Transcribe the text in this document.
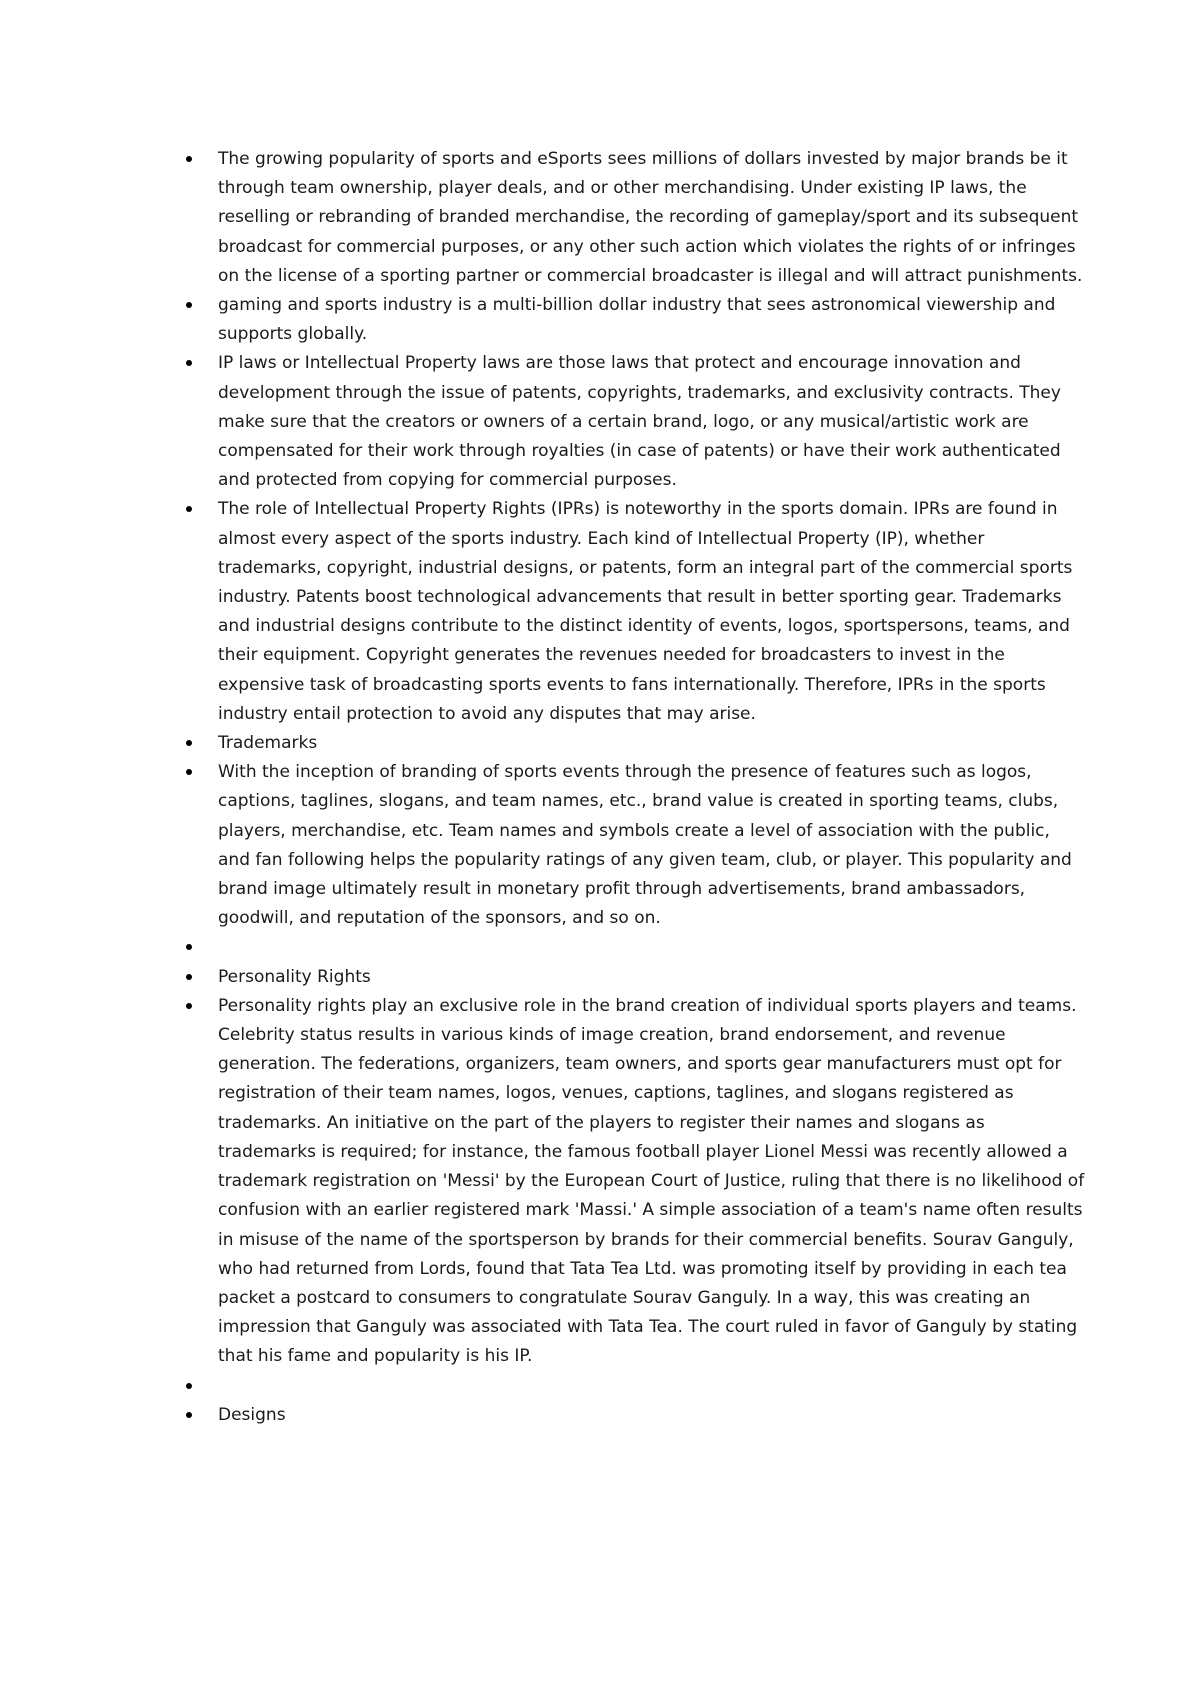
The growing popularity of sports and eSports sees millions of dollars invested by major brands be it through team ownership, player deals, and or other merchandising. Under existing IP laws, the reselling or rebranding of branded merchandise, the recording of gameplay/sport and its subsequent broadcast for commercial purposes, or any other such action which violates the rights of or infringes on the license of a sporting partner or commercial broadcaster is illegal and will attract punishments.
gaming and sports industry is a multi-billion dollar industry that sees astronomical viewership and supports globally.
IP laws or Intellectual Property laws are those laws that protect and encourage innovation and development through the issue of patents, copyrights, trademarks, and exclusivity contracts. They make sure that the creators or owners of a certain brand, logo, or any musical/artistic work are compensated for their work through royalties (in case of patents) or have their work authenticated and protected from copying for commercial purposes.
The role of Intellectual Property Rights (IPRs) is noteworthy in the sports domain. IPRs are found in almost every aspect of the sports industry. Each kind of Intellectual Property (IP), whether trademarks, copyright, industrial designs, or patents, form an integral part of the commercial sports industry. Patents boost technological advancements that result in better sporting gear. Trademarks and industrial designs contribute to the distinct identity of events, logos, sportspersons, teams, and their equipment. Copyright generates the revenues needed for broadcasters to invest in the expensive task of broadcasting sports events to fans internationally. Therefore, IPRs in the sports industry entail protection to avoid any disputes that may arise.
Trademarks
With the inception of branding of sports events through the presence of features such as logos, captions, taglines, slogans, and team names, etc., brand value is created in sporting teams, clubs, players, merchandise, etc. Team names and symbols create a level of association with the public, and fan following helps the popularity ratings of any given team, club, or player. This popularity and brand image ultimately result in monetary profit through advertisements, brand ambassadors, goodwill, and reputation of the sponsors, and so on.
Personality Rights
Personality rights play an exclusive role in the brand creation of individual sports players and teams. Celebrity status results in various kinds of image creation, brand endorsement, and revenue generation. The federations, organizers, team owners, and sports gear manufacturers must opt for registration of their team names, logos, venues, captions, taglines, and slogans registered as trademarks. An initiative on the part of the players to register their names and slogans as trademarks is required; for instance, the famous football player Lionel Messi was recently allowed a trademark registration on 'Messi' by the European Court of Justice, ruling that there is no likelihood of confusion with an earlier registered mark 'Massi.' A simple association of a team's name often results in misuse of the name of the sportsperson by brands for their commercial benefits. Sourav Ganguly, who had returned from Lords, found that Tata Tea Ltd. was promoting itself by providing in each tea packet a postcard to consumers to congratulate Sourav Ganguly. In a way, this was creating an impression that Ganguly was associated with Tata Tea. The court ruled in favor of Ganguly by stating that his fame and popularity is his IP.
Designs
